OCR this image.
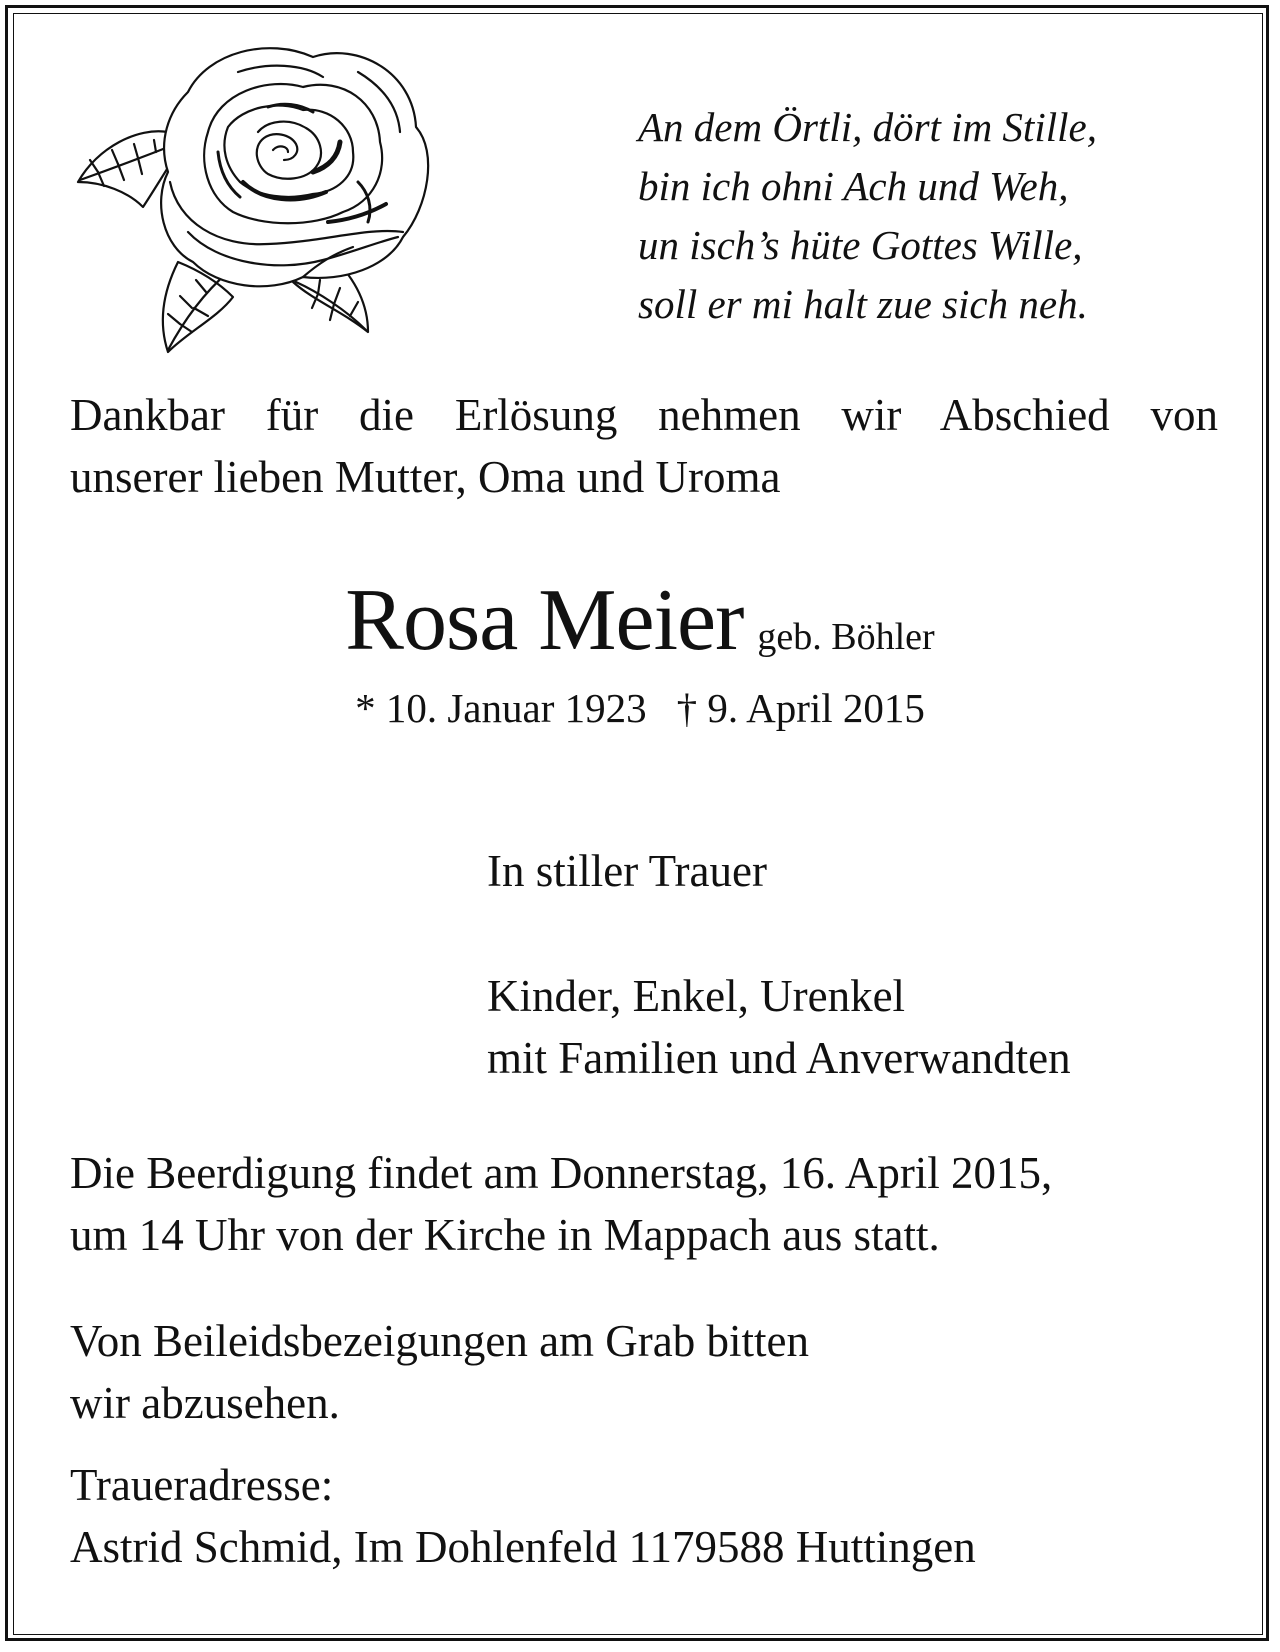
An dem Örtli, dört im Stille,
bin ich ohni Ach und Weh,
un isch’s hüte Gottes Wille,
soll er mi halt zue sich neh.
Dankbar für die Erlösung nehmen wir Abschied von
unserer lieben Mutter, Oma und Uroma
Rosa Meier geb. Böhler
* 10. Januar 1923 † 9. April 2015
In stiller Trauer
Kinder, Enkel, Urenkel
mit Familien und Anverwandten
Die Beerdigung findet am Donnerstag, 16. April 2015,
um 14 Uhr von der Kirche in Mappach aus statt.
Von Beileidsbezeigungen am Grab bitten
wir abzusehen.
Traueradresse:
Astrid Schmid, Im Dohlenfeld 1179588 Huttingen
